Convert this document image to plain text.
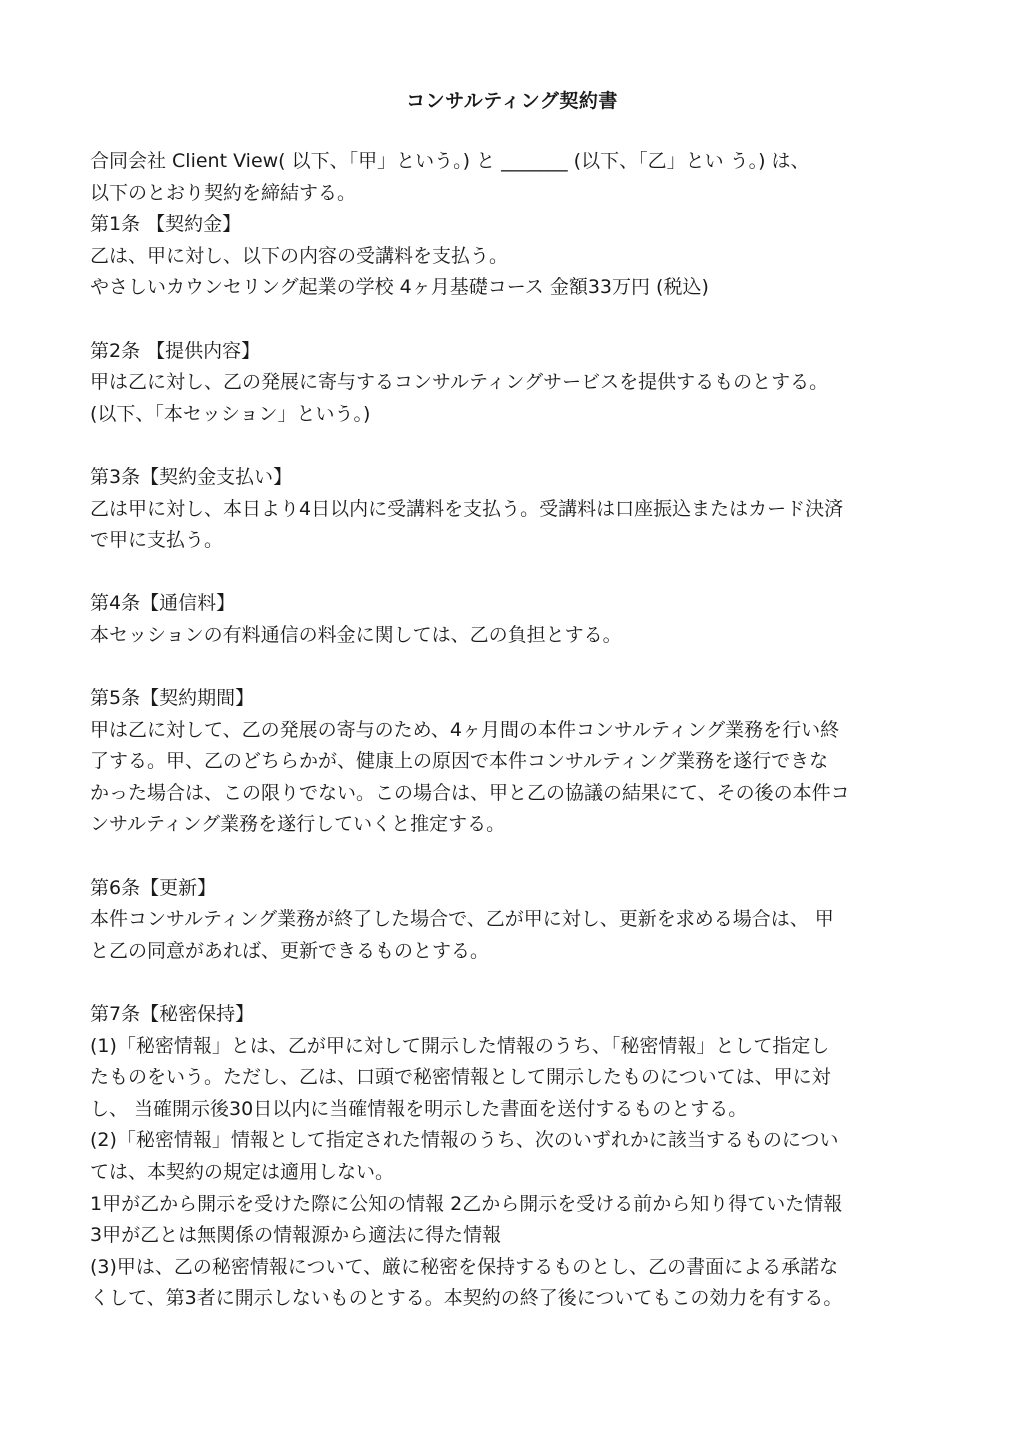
コンサルティング契約書
合同会社 Client View( 以下、「甲」という。) と _______ (以下、「乙」とい う。) は、
以下のとおり契約を締結する。
第1条 【契約金】
乙は、甲に対し、以下の内容の受講料を支払う。
やさしいカウンセリング起業の学校 4ヶ月基礎コース 金額33万円 (税込)
第2条 【提供内容】
甲は乙に対し、乙の発展に寄与するコンサルティングサービスを提供するものとする。
(以下、「本セッション」という。)
第3条【契約金支払い】
乙は甲に対し、本日より4日以内に受講料を支払う。受講料は口座振込またはカード決済
で甲に支払う。
第4条【通信料】
本セッションの有料通信の料金に関しては、乙の負担とする。
第5条【契約期間】
甲は乙に対して、乙の発展の寄与のため、4ヶ月間の本件コンサルティング業務を行い終
了する。甲、乙のどちらかが、健康上の原因で本件コンサルティング業務を遂行できな
かった場合は、この限りでない。この場合は、甲と乙の協議の結果にて、その後の本件コ
ンサルティング業務を遂行していくと推定する。
第6条【更新】
本件コンサルティング業務が終了した場合で、乙が甲に対し、更新を求める場合は、 甲
と乙の同意があれば、更新できるものとする。
第7条【秘密保持】
(1)「秘密情報」とは、乙が甲に対して開示した情報のうち、「秘密情報」として指定し
たものをいう。ただし、乙は、口頭で秘密情報として開示したものについては、甲に対
し、 当確開示後30日以内に当確情報を明示した書面を送付するものとする。
(2)「秘密情報」情報として指定された情報のうち、次のいずれかに該当するものについ
ては、本契約の規定は適用しない。
1甲が乙から開示を受けた際に公知の情報 2乙から開示を受ける前から知り得ていた情報
3甲が乙とは無関係の情報源から適法に得た情報
(3)甲は、乙の秘密情報について、厳に秘密を保持するものとし、乙の書面による承諾な
くして、第3者に開示しないものとする。本契約の終了後についてもこの効力を有する。
